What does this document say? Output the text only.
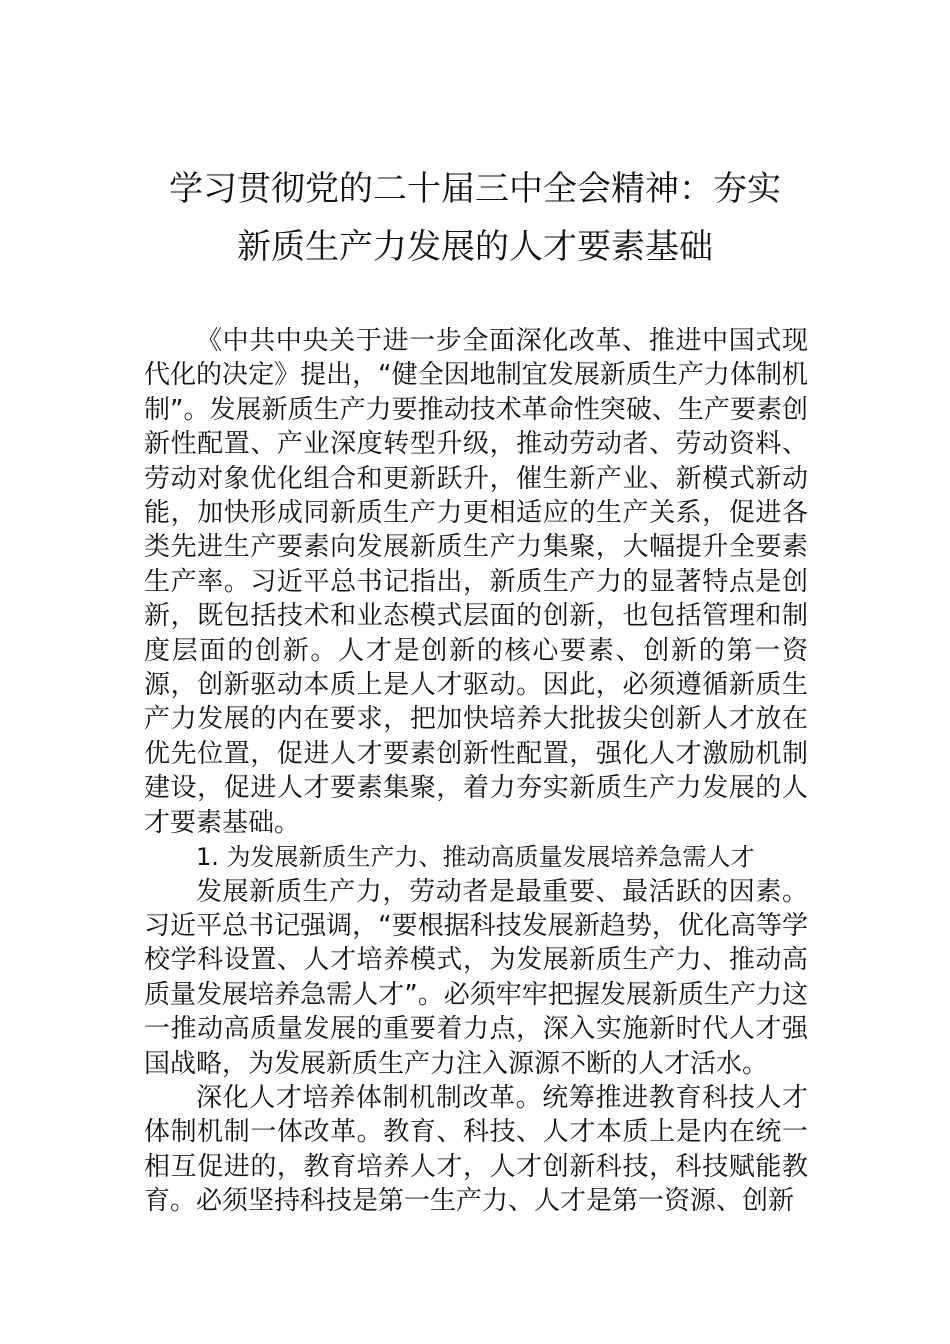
学习贯彻党的二十届三中全会精神：夯实
新质生产力发展的人才要素基础

《中共中央关于进一步全面深化改革、推进中国式现代化的决定》提出，“健全因地制宜发展新质生产力体制机制”。发展新质生产力要推动技术革命性突破、生产要素创新性配置、产业深度转型升级，推动劳动者、劳动资料、劳动对象优化组合和更新跃升，催生新产业、新模式新动能，加快形成同新质生产力更相适应的生产关系，促进各类先进生产要素向发展新质生产力集聚，大幅提升全要素生产率。习近平总书记指出，新质生产力的显著特点是创新，既包括技术和业态模式层面的创新，也包括管理和制度层面的创新。人才是创新的核心要素、创新的第一资源，创新驱动本质上是人才驱动。因此，必须遵循新质生产力发展的内在要求，把加快培养大批拔尖创新人才放在优先位置，促进人才要素创新性配置，强化人才激励机制建设，促进人才要素集聚，着力夯实新质生产力发展的人才要素基础。

1. 为发展新质生产力、推动高质量发展培养急需人才

发展新质生产力，劳动者是最重要、最活跃的因素。习近平总书记强调，“要根据科技发展新趋势，优化高等学校学科设置、人才培养模式，为发展新质生产力、推动高质量发展培养急需人才”。必须牢牢把握发展新质生产力这一推动高质量发展的重要着力点，深入实施新时代人才强国战略，为发展新质生产力注入源源不断的人才活水。

深化人才培养体制机制改革。统筹推进教育科技人才体制机制一体改革。教育、科技、人才本质上是内在统一相互促进的，教育培养人才，人才创新科技，科技赋能教育。必须坚持科技是第一生产力、人才是第一资源、创新
